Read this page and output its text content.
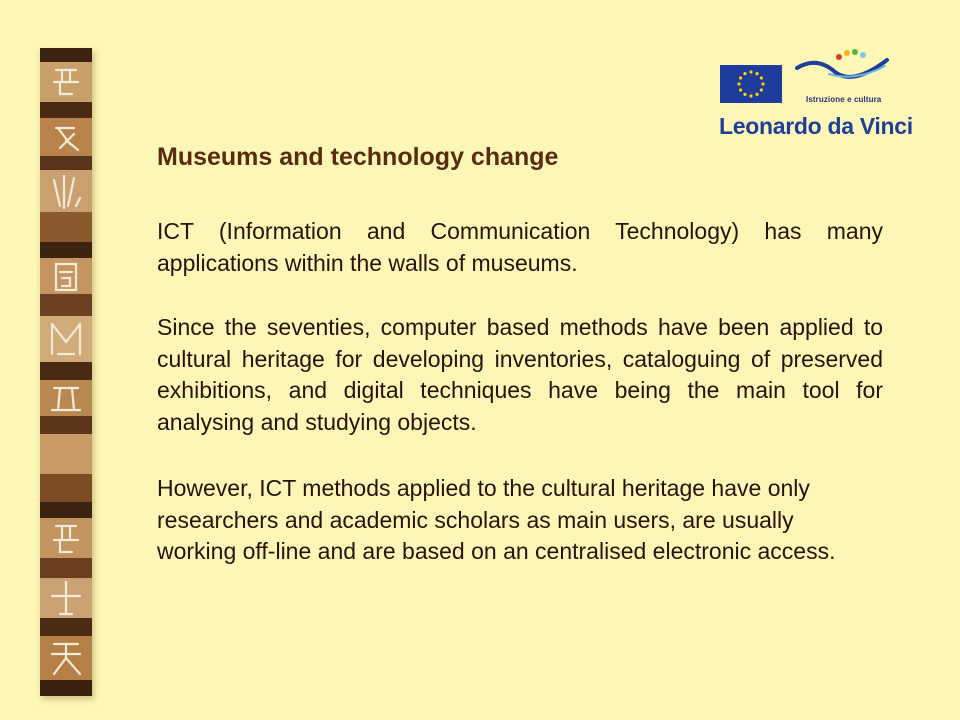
Istruzione e cultura
Leonardo da Vinci
Museums and technology change

ICT (Information and Communication Technology) has many applications within the walls of museums.

Since the seventies, computer based methods have been applied to cultural heritage for developing inventories, cataloguing of preserved exhibitions, and digital techniques have being the main tool for analysing and studying objects.

However, ICT methods applied to the cultural heritage have only researchers and academic scholars as main users, are usually working off-line and are based on an centralised electronic access.
